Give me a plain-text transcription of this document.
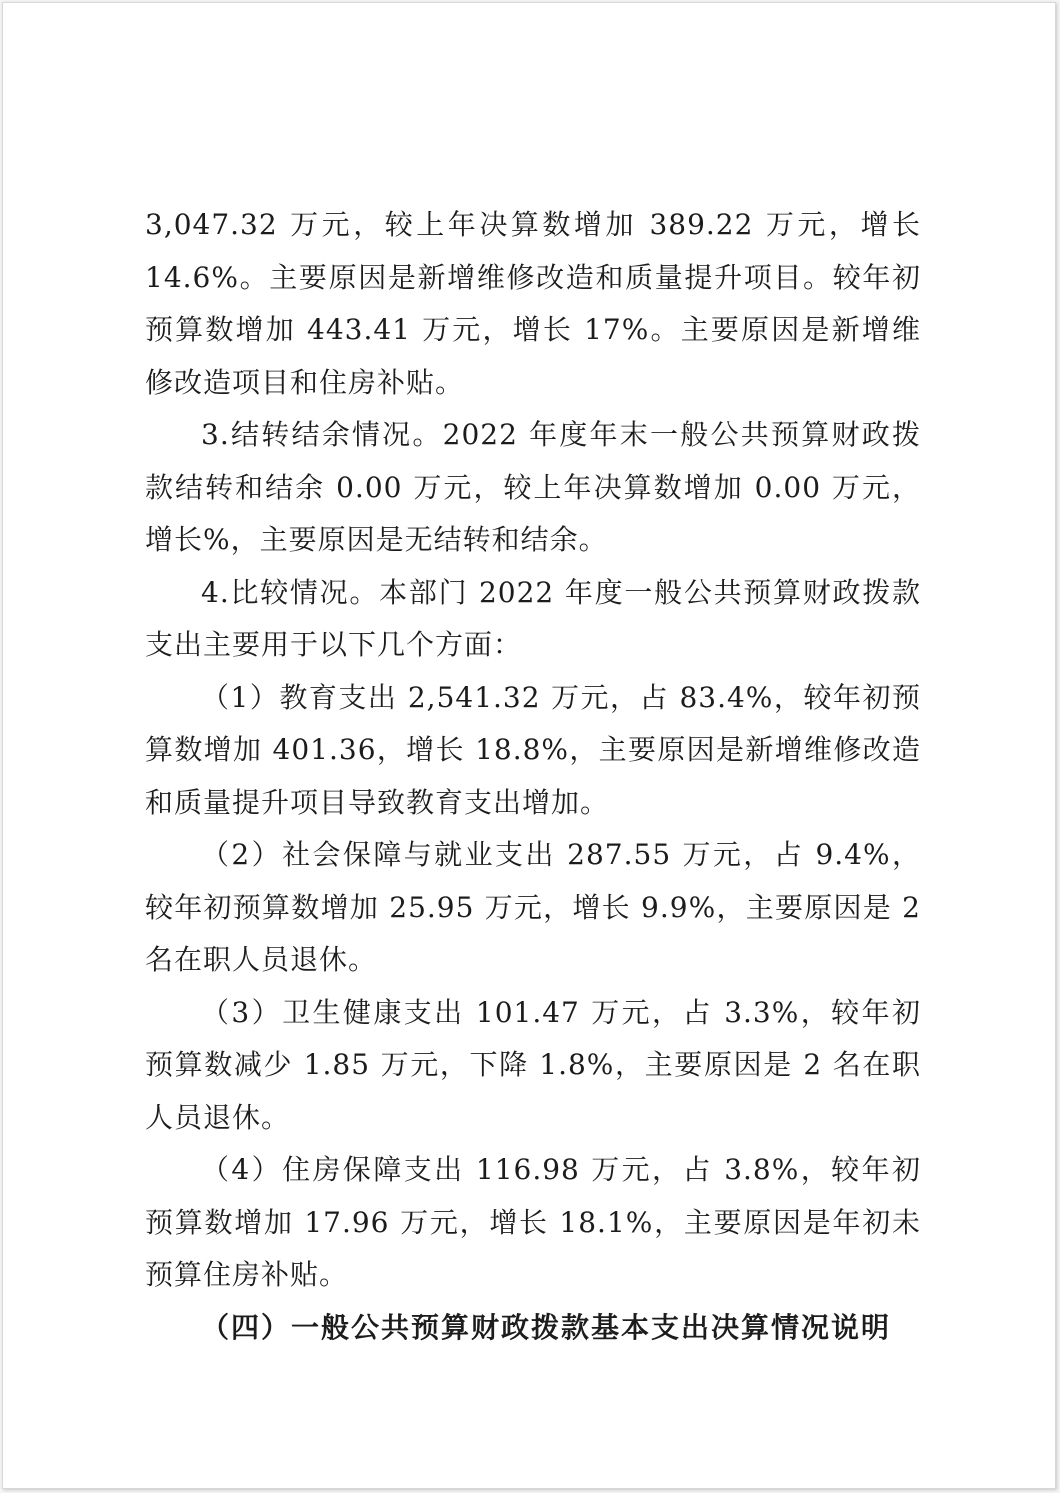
3,047.32 万元，较上年决算数增加 389.22 万元，增长 14.6%。主要原因是新增维修改造和质量提升项目。较年初预算数增加 443.41 万元，增长 17%。主要原因是新增维修改造项目和住房补贴。

3.结转结余情况。2022 年度年末一般公共预算财政拨款结转和结余 0.00 万元，较上年决算数增加 0.00 万元，增长%，主要原因是无结转和结余。

4.比较情况。本部门 2022 年度一般公共预算财政拨款支出主要用于以下几个方面：

（1）教育支出 2,541.32 万元，占 83.4%，较年初预算数增加 401.36，增长 18.8%，主要原因是新增维修改造和质量提升项目导致教育支出增加。

（2）社会保障与就业支出 287.55 万元，占 9.4%，较年初预算数增加 25.95 万元，增长 9.9%，主要原因是 2 名在职人员退休。

（3）卫生健康支出 101.47 万元，占 3.3%，较年初预算数减少 1.85 万元，下降 1.8%，主要原因是 2 名在职人员退休。

（4）住房保障支出 116.98 万元，占 3.8%，较年初预算数增加 17.96 万元，增长 18.1%，主要原因是年初未预算住房补贴。

（四）一般公共预算财政拨款基本支出决算情况说明
